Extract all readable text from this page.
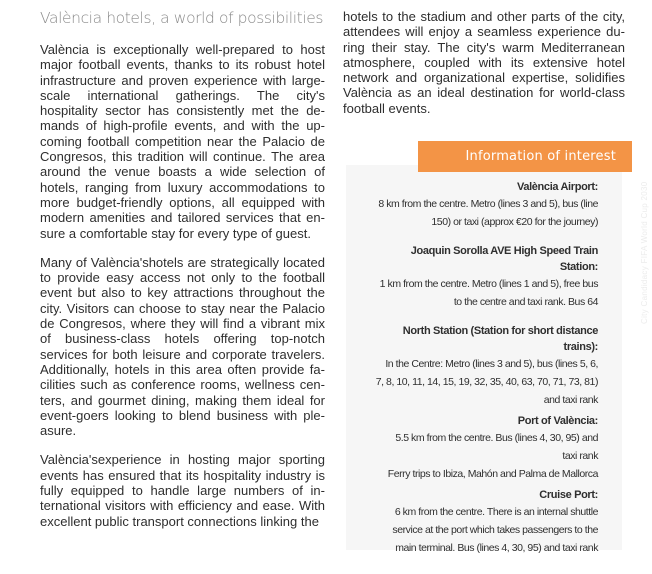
València hotels, a world of possibilities

València is exceptionally well-prepared to host major football events, thanks to its robust hotel infrastructure and proven experience with large-scale international gatherings. The city's hospitality sector has consistently met the demands of high-profile events, and with the upcoming football competition near the Palacio de Congresos, this tradition will continue. The area around the venue boasts a wide selection of hotels, ranging from luxury accommodations to more budget-friendly options, all equipped with modern amenities and tailored services that ensure a comfortable stay for every type of guest.

Many of València'shotels are strategically located to provide easy access not only to the football event but also to key attractions throughout the city. Visitors can choose to stay near the Palacio de Congresos, where they will find a vibrant mix of business-class hotels offering top-notch services for both leisure and corporate travelers. Additionally, hotels in this area often provide facilities such as conference rooms, wellness centers, and gourmet dining, making them ideal for event-goers looking to blend business with pleasure.

València'sexperience in hosting major sporting events has ensured that its hospitality industry is fully equipped to handle large numbers of international visitors with efficiency and ease. With excellent public transport connections linking the

hotels to the stadium and other parts of the city, attendees will enjoy a seamless experience during their stay. The city's warm Mediterranean atmosphere, coupled with its extensive hotel network and organizational expertise, solidifies València as an ideal destination for world-class football events.

Information of interest
València Airport:
8 km from the centre. Metro (lines 3 and 5), bus (line
150) or taxi (approx €20 for the journey)
Joaquin Sorolla AVE High Speed Train Station:
1 km from the centre. Metro (lines 1 and 5), free bus
to the centre and taxi rank. Bus 64
North Station (Station for short distance trains):
In the Centre: Metro (lines 3 and 5), bus (lines 5, 6,
7, 8, 10, 11, 14, 15, 19, 32, 35, 40, 63, 70, 71, 73, 81)
and taxi rank
Port of València:
5.5 km from the centre. Bus (lines 4, 30, 95) and
taxi rank
Ferry trips to Ibiza, Mahón and Palma de Mallorca
Cruise Port:
6 km from the centre. There is an internal shuttle
service at the port which takes passengers to the
main terminal. Bus (lines 4, 30, 95) and taxi rank
City Candidacy FIFA World Cup 2030
